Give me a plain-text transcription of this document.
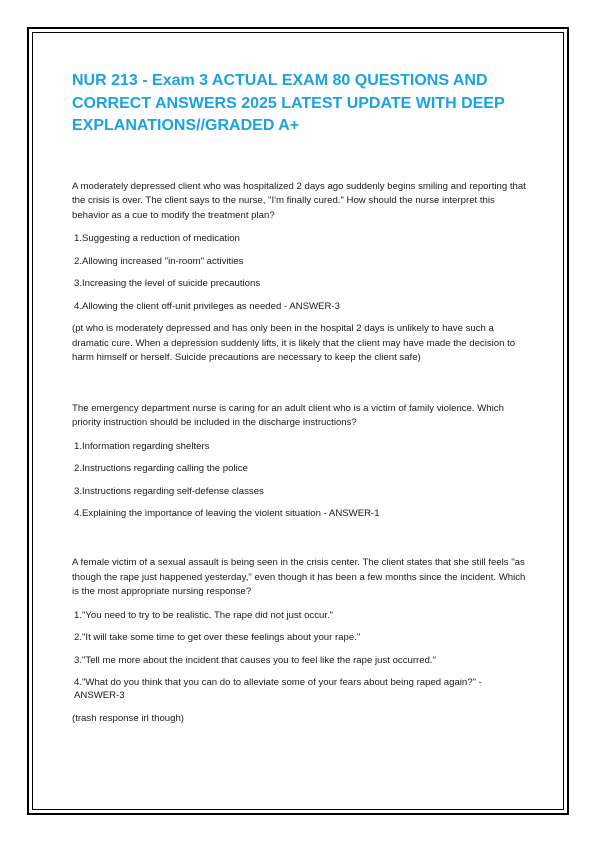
NUR 213 - Exam 3 ACTUAL EXAM 80 QUESTIONS AND CORRECT ANSWERS 2025 LATEST UPDATE WITH DEEP EXPLANATIONS//GRADED A+

A moderately depressed client who was hospitalized 2 days ago suddenly begins smiling and reporting that the crisis is over. The client says to the nurse, "I'm finally cured." How should the nurse interpret this behavior as a cue to modify the treatment plan?

1.Suggesting a reduction of medication

2.Allowing increased "in-room" activities

3.Increasing the level of suicide precautions

4.Allowing the client off-unit privileges as needed - ANSWER-3

(pt who is moderately depressed and has only been in the hospital 2 days is unlikely to have such a dramatic cure. When a depression suddenly lifts, it is likely that the client may have made the decision to harm himself or herself. Suicide precautions are necessary to keep the client safe)

The emergency department nurse is caring for an adult client who is a victim of family violence. Which priority instruction should be included in the discharge instructions?

1.Information regarding shelters

2.Instructions regarding calling the police

3.Instructions regarding self-defense classes

4.Explaining the importance of leaving the violent situation - ANSWER-1

A female victim of a sexual assault is being seen in the crisis center. The client states that she still feels "as though the rape just happened yesterday," even though it has been a few months since the incident. Which is the most appropriate nursing response?

1."You need to try to be realistic. The rape did not just occur."

2."It will take some time to get over these feelings about your rape."

3."Tell me more about the incident that causes you to feel like the rape just occurred."

4."What do you think that you can do to alleviate some of your fears about being raped again?" - ANSWER-3

(trash response irl though)
